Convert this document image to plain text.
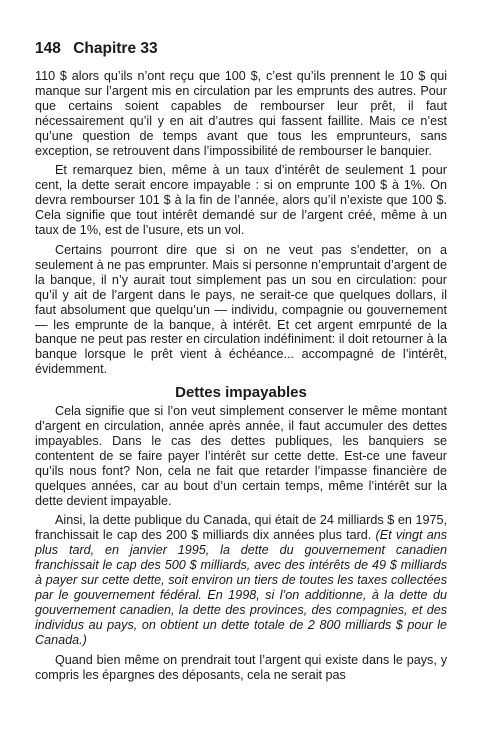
148 Chapitre 33

110 $ alors qu’ils n’ont reçu que 100 $, c’est qu’ils prennent le 10 $ qui manque sur l’argent mis en circulation par les emprunts des autres. Pour que certains soient capables de rembourser leur prêt, il faut nécessairement qu’il y en ait d’autres qui fassent faillite. Mais ce n’est qu’une question de temps avant que tous les emprunteurs, sans exception, se retrouvent dans l’impossibilité de rembourser le banquier.

Et remarquez bien, même à un taux d’intérêt de seulement 1 pour cent, la dette serait encore impayable : si on emprunte 100 $ à 1%. On devra rembourser 101 $ à la fin de l’année, alors qu’il n’existe que 100 $. Cela signifie que tout intérêt demandé sur de l’argent créé, même à un taux de 1%, est de l’usure, ets un vol.

Certains pourront dire que si on ne veut pas s’endetter, on a seulement à ne pas emprunter. Mais si personne n’empruntait d’argent de la banque, il n’y aurait tout simplement pas un sou en circulation: pour qu’il y ait de l’argent dans le pays, ne serait-ce que quelques dollars, il faut absolument que quelqu’un — individu, compagnie ou gouvernement — les emprunte de la banque, à intérêt. Et cet argent emrpunté de la banque ne peut pas rester en circulation indéfiniment: il doit retourner à la banque lorsque le prêt vient à échéance... accompagné de l’intérêt, évidemment.

Dettes impayables

Cela signifie que si l’on veut simplement conserver le même montant d’argent en circulation, année après année, il faut accumuler des dettes impayables. Dans le cas des dettes publiques, les banquiers se contentent de se faire payer l’intérêt sur cette dette. Est-ce une faveur qu’ils nous font? Non, cela ne fait que retarder l’impasse financière de quelques années, car au bout d’un certain temps, même l’intérêt sur la dette devient impayable.

Ainsi, la dette publique du Canada, qui était de 24 milliards $ en 1975, franchissait le cap des 200 $ milliards dix années plus tard. (Et vingt ans plus tard, en janvier 1995, la dette du gouvernement canadien franchissait le cap des 500 $ milliards, avec des intérêts de 49 $ milliards à payer sur cette dette, soit environ un tiers de toutes les taxes collectées par le gouvernement fédéral. En 1998, si l’on additionne, à la dette du gouvernement canadien, la dette des provinces, des compagnies, et des individus au pays, on obtient un dette totale de 2 800 milliards $ pour le Canada.)

Quand bien même on prendrait tout l’argent qui existe dans le pays, y compris les épargnes des déposants, cela ne serait pas
